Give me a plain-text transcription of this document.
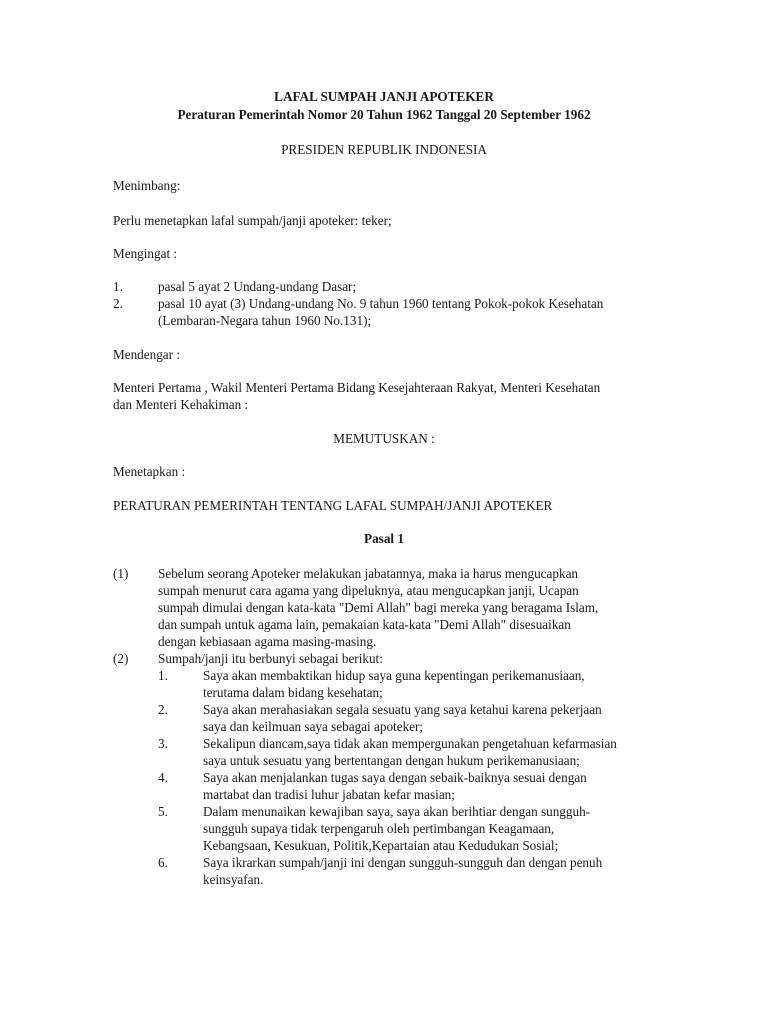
LAFAL SUMPAH JANJI APOTEKER

Peraturan Pemerintah Nomor 20 Tahun 1962 Tanggal 20 September 1962

PRESIDEN REPUBLIK INDONESIA

Menimbang:

Perlu menetapkan lafal sumpah/janji apoteker: teker;

Mengingat :

1.	pasal 5 ayat 2 Undang-undang Dasar;

2.	pasal 10 ayat (3) Undang-undang No. 9 tahun 1960 tentang Pokok-pokok Kesehatan

(Lembaran-Negara tahun 1960 No.131);

Mendengar :

Menteri Pertama , Wakil Menteri Pertama Bidang Kesejahteraan Rakyat, Menteri Kesehatan

dan Menteri Kehakiman :

MEMUTUSKAN :

Menetapkan :

PERATURAN PEMERINTAH TENTANG LAFAL SUMPAH/JANJI APOTEKER

Pasal 1

(1) Sebelum seorang Apoteker melakukan jabatannya, maka ia harus mengucapkan

sumpah menurut cara agama yang dipeluknya, atau mengucapkan janji, Ucapan

sumpah dimulai dengan kata-kata "Demi Allah" bagi mereka yang beragama Islam,

dan sumpah untuk agama lain, pemakaian kata-kata "Demi Allah" disesuaikan

dengan kebiasaan agama masing-masing.

(2) Sumpah/janji itu berbunyi sebagai berikut:

1.	Saya akan membaktikan hidup saya guna kepentingan perikemanusiaan,

terutama dalam bidang kesehatan;

2.	Saya akan merahasiakan segala sesuatu yang saya ketahui karena pekerjaan

saya dan keilmuan saya sebagai apoteker;

3.	Sekalipun diancam,saya tidak akan mempergunakan pengetahuan kefarmasian

saya untuk sesuatu yang bertentangan dengan hukum perikemanusiaan;

4.	Saya akan menjalankan tugas saya dengan sebaik-baiknya sesuai dengan

martabat dan tradisi luhur jabatan kefar masian;

5.	Dalam menunaikan kewajiban saya, saya akan berihtiar dengan sungguh-

sungguh supaya tidak terpengaruh oleh pertimbangan Keagamaan,

Kebangsaan, Kesukuan, Politik,Kepartaian atau Kedudukan Sosial;

6.	Saya ikrarkan sumpah/janji ini dengan sungguh-sungguh dan dengan penuh

keinsyafan.
